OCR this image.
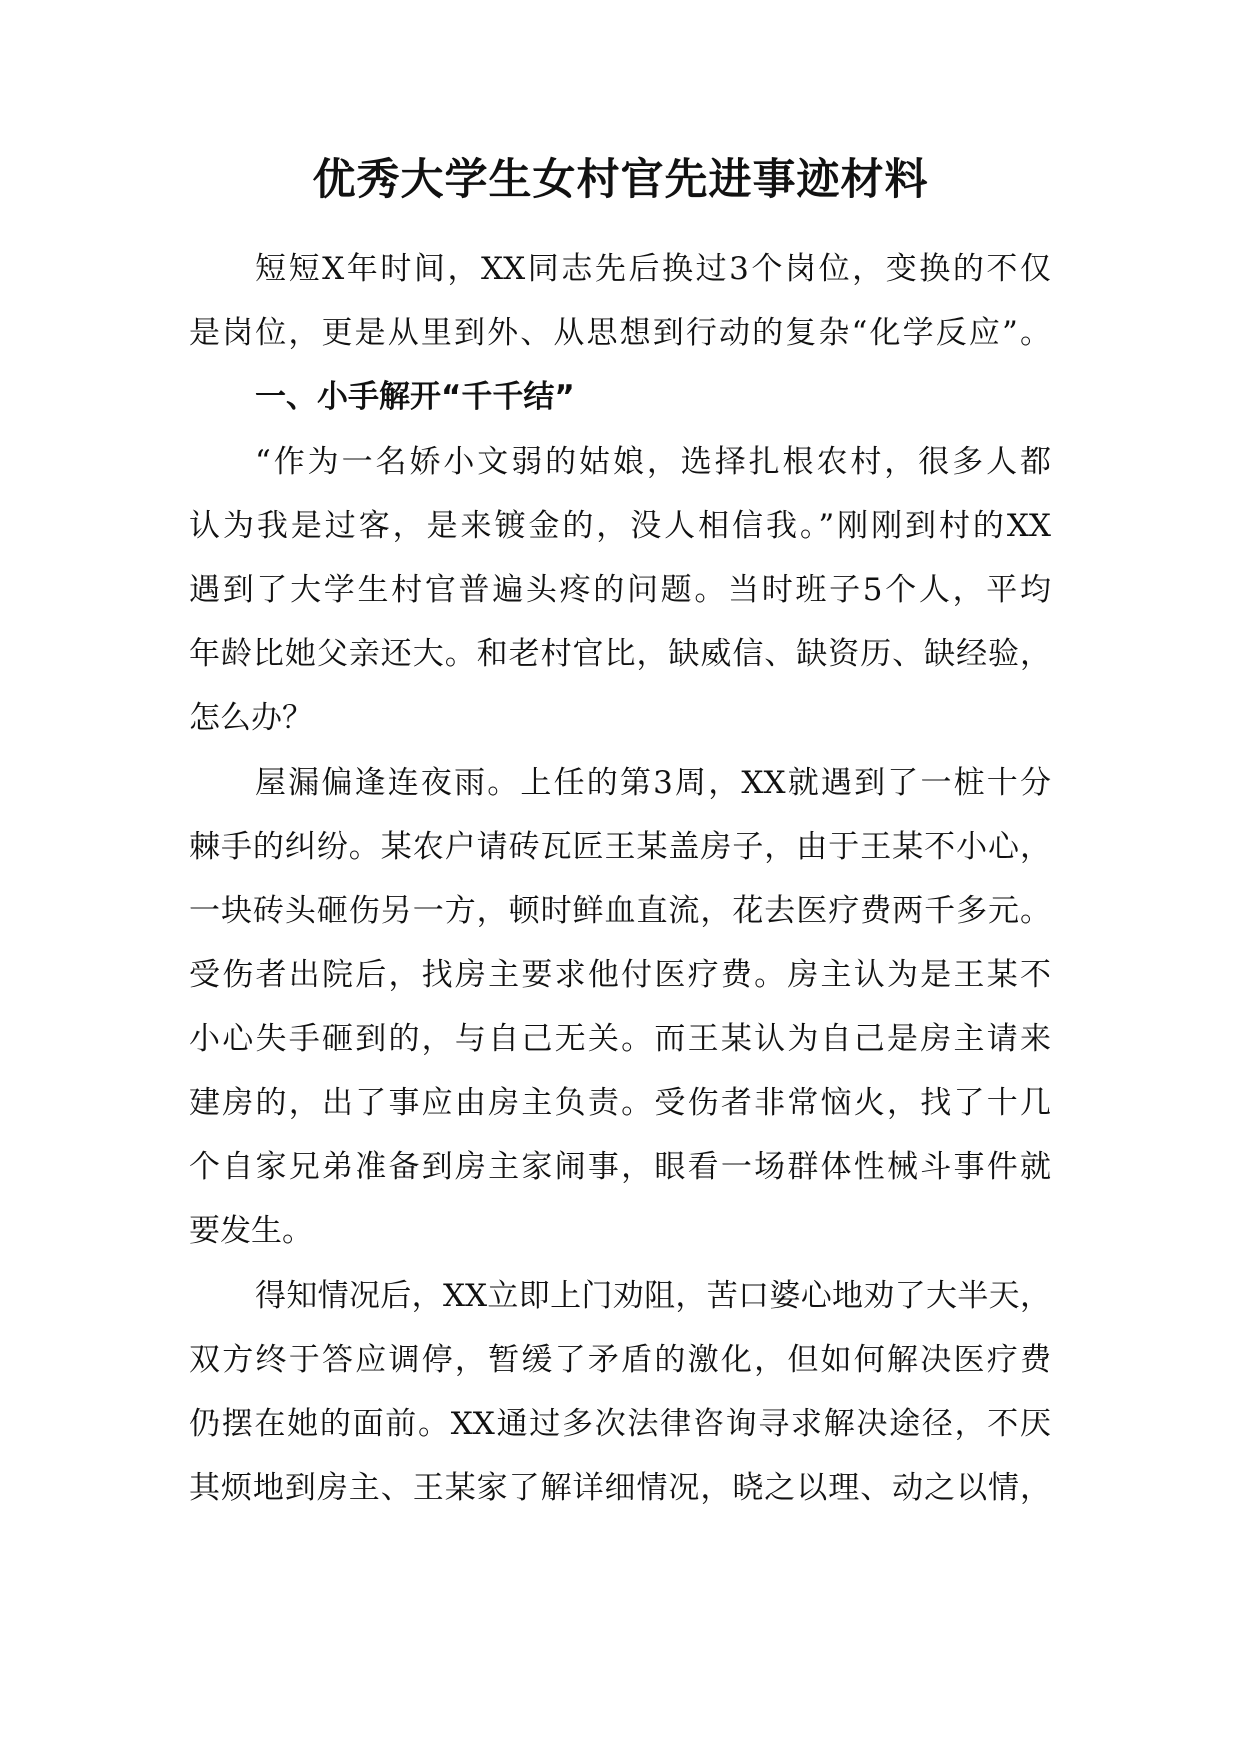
优秀大学生女村官先进事迹材料

短短X年时间，XX同志先后换过3个岗位，变换的不仅

是岗位，更是从里到外、从思想到行动的复杂“化学反应”。

一、小手解开“千千结”

“作为一名娇小文弱的姑娘，选择扎根农村，很多人都

认为我是过客，是来镀金的，没人相信我。”刚刚到村的XX

遇到了大学生村官普遍头疼的问题。当时班子5个人，平均

年龄比她父亲还大。和老村官比，缺威信、缺资历、缺经验，

怎么办？

屋漏偏逢连夜雨。上任的第3周，XX就遇到了一桩十分

棘手的纠纷。某农户请砖瓦匠王某盖房子，由于王某不小心，

一块砖头砸伤另一方，顿时鲜血直流，花去医疗费两千多元。

受伤者出院后，找房主要求他付医疗费。房主认为是王某不

小心失手砸到的，与自己无关。而王某认为自己是房主请来

建房的，出了事应由房主负责。受伤者非常恼火，找了十几

个自家兄弟准备到房主家闹事，眼看一场群体性械斗事件就

要发生。

得知情况后，XX立即上门劝阻，苦口婆心地劝了大半天，

双方终于答应调停，暂缓了矛盾的激化，但如何解决医疗费

仍摆在她的面前。XX通过多次法律咨询寻求解决途径，不厌

其烦地到房主、王某家了解详细情况，晓之以理、动之以情，
